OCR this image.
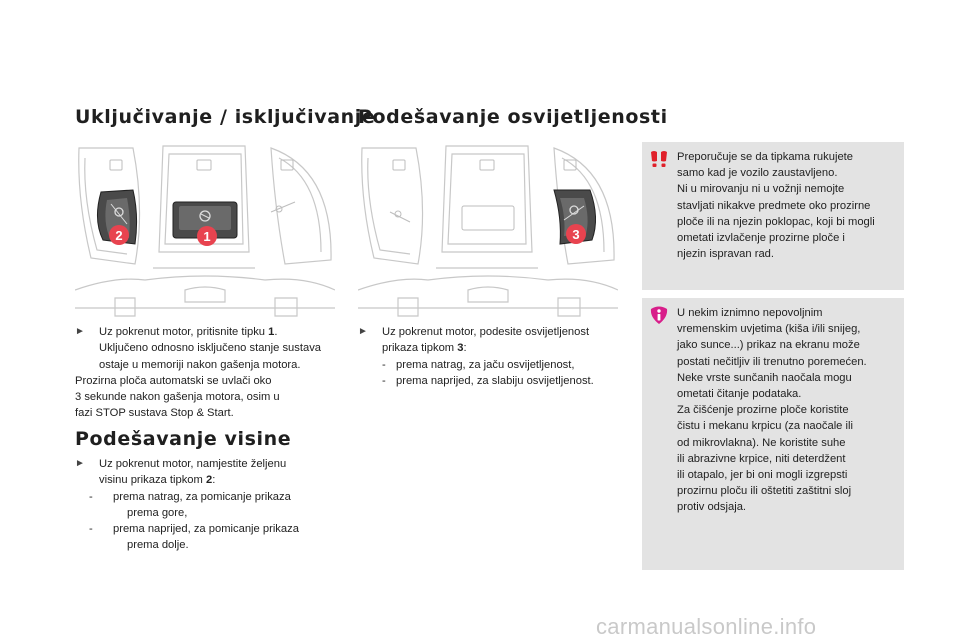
Uključivanje / isključivanje
Podešavanje osvijetljenosti
2	1	3
► Uz pokrenut motor, pritisnite tipku 1.
Uključeno odnosno isključeno stanje sustava
ostaje u memoriji nakon gašenja motora.
Prozirna ploča automatski se uvlači oko
3 sekunde nakon gašenja motora, osim u
fazi STOP sustava Stop & Start.
Podešavanje visine
► Uz pokrenut motor, namjestite željenu
visinu prikaza tipkom 2:
- prema natrag, za pomicanje prikaza
prema gore,
- prema naprijed, za pomicanje prikaza
prema dolje.
► Uz pokrenut motor, podesite osvijetljenost
prikaza tipkom 3:
- prema natrag, za jaču osvijetljenost,
- prema naprijed, za slabiju osvijetljenost.
Preporučuje se da tipkama rukujete
samo kad je vozilo zaustavljeno.
Ni u mirovanju ni u vožnji nemojte
stavljati nikakve predmete oko prozirne
ploče ili na njezin poklopac, koji bi mogli
ometati izvlačenje prozirne ploče i
njezin ispravan rad.
U nekim iznimno nepovoljnim
vremenskim uvjetima (kiša i/ili snijeg,
jako sunce...) prikaz na ekranu može
postati nečitljiv ili trenutno poremećen.
Neke vrste sunčanih naočala mogu
ometati čitanje podataka.
Za čišćenje prozirne ploče koristite
čistu i mekanu krpicu (za naočale ili
od mikrovlakna). Ne koristite suhe
ili abrazivne krpice, niti deterdžent
ili otapalo, jer bi oni mogli izgrepsti
prozirnu ploču ili oštetiti zaštitni sloj
protiv odsjaja.
carmanualsonline.info
